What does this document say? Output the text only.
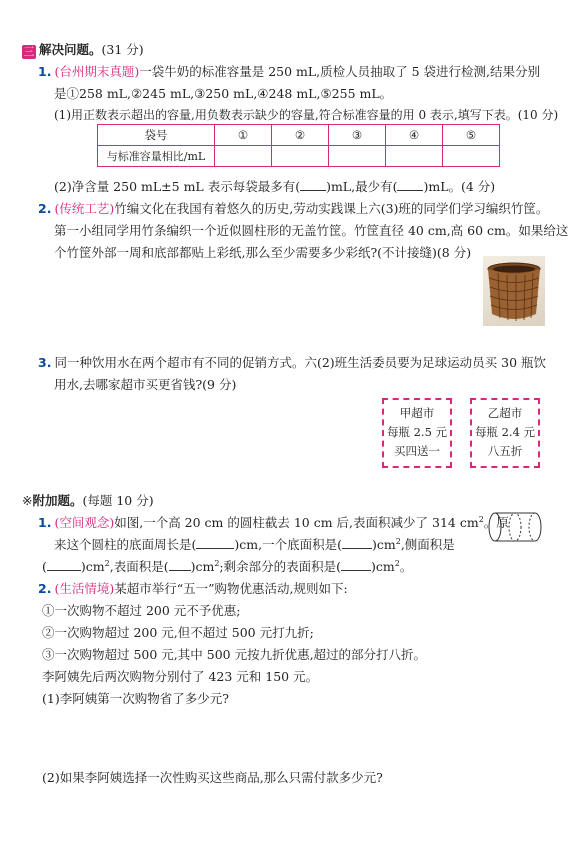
三 解决问题。(31 分)
1. (台州期末真题)一袋牛奶的标准容量是 250 mL,质检人员抽取了 5 袋进行检测,结果分别
是①258 mL,②245 mL,③250 mL,④248 mL,⑤255 mL。
(1)用正数表示超出的容量,用负数表示缺少的容量,符合标准容量的用 0 表示,填写下表。(10 分)
袋号	①	②	③	④	⑤
与标准容量相比/mL					
(2)净含量 250 mL±5 mL 表示每袋最多有( )mL,最少有( )mL。(4 分)
2. (传统工艺)竹编文化在我国有着悠久的历史,劳动实践课上六(3)班的同学们学习编织竹筐。
第一小组同学用竹条编织一个近似圆柱形的无盖竹筐。竹筐直径 40 cm,高 60 cm。如果给这
个竹筐外部一周和底部都贴上彩纸,那么至少需要多少彩纸?(不计接缝)(8 分)
3. 同一种饮用水在两个超市有不同的促销方式。六(2)班生活委员要为足球运动员买 30 瓶饮
用水,去哪家超市买更省钱?(9 分)
甲超市
每瓶 2.5 元
买四送一
乙超市
每瓶 2.4 元
八五折
※附加题。(每题 10 分)
1. (空间观念)如图,一个高 20 cm 的圆柱截去 10 cm 后,表面积减少了 314 $cm^2$。原
来这个圆柱的底面周长是(	)cm,一个底面积是( )$cm^2$,侧面积是
(	)$cm^2$,表面积是( )$cm^2$;剩余部分的表面积是( )$cm^2$。
2. (生活情境)某超市举行“五一”购物优惠活动,规则如下:
①一次购物不超过 200 元不予优惠;
②一次购物超过 200 元,但不超过 500 元打九折;
③一次购物超过 500 元,其中 500 元按九折优惠,超过的部分打八折。
李阿姨先后两次购物分别付了 423 元和 150 元。
(1)李阿姨第一次购物省了多少元?
(2)如果李阿姨选择一次性购买这些商品,那么只需付款多少元?
